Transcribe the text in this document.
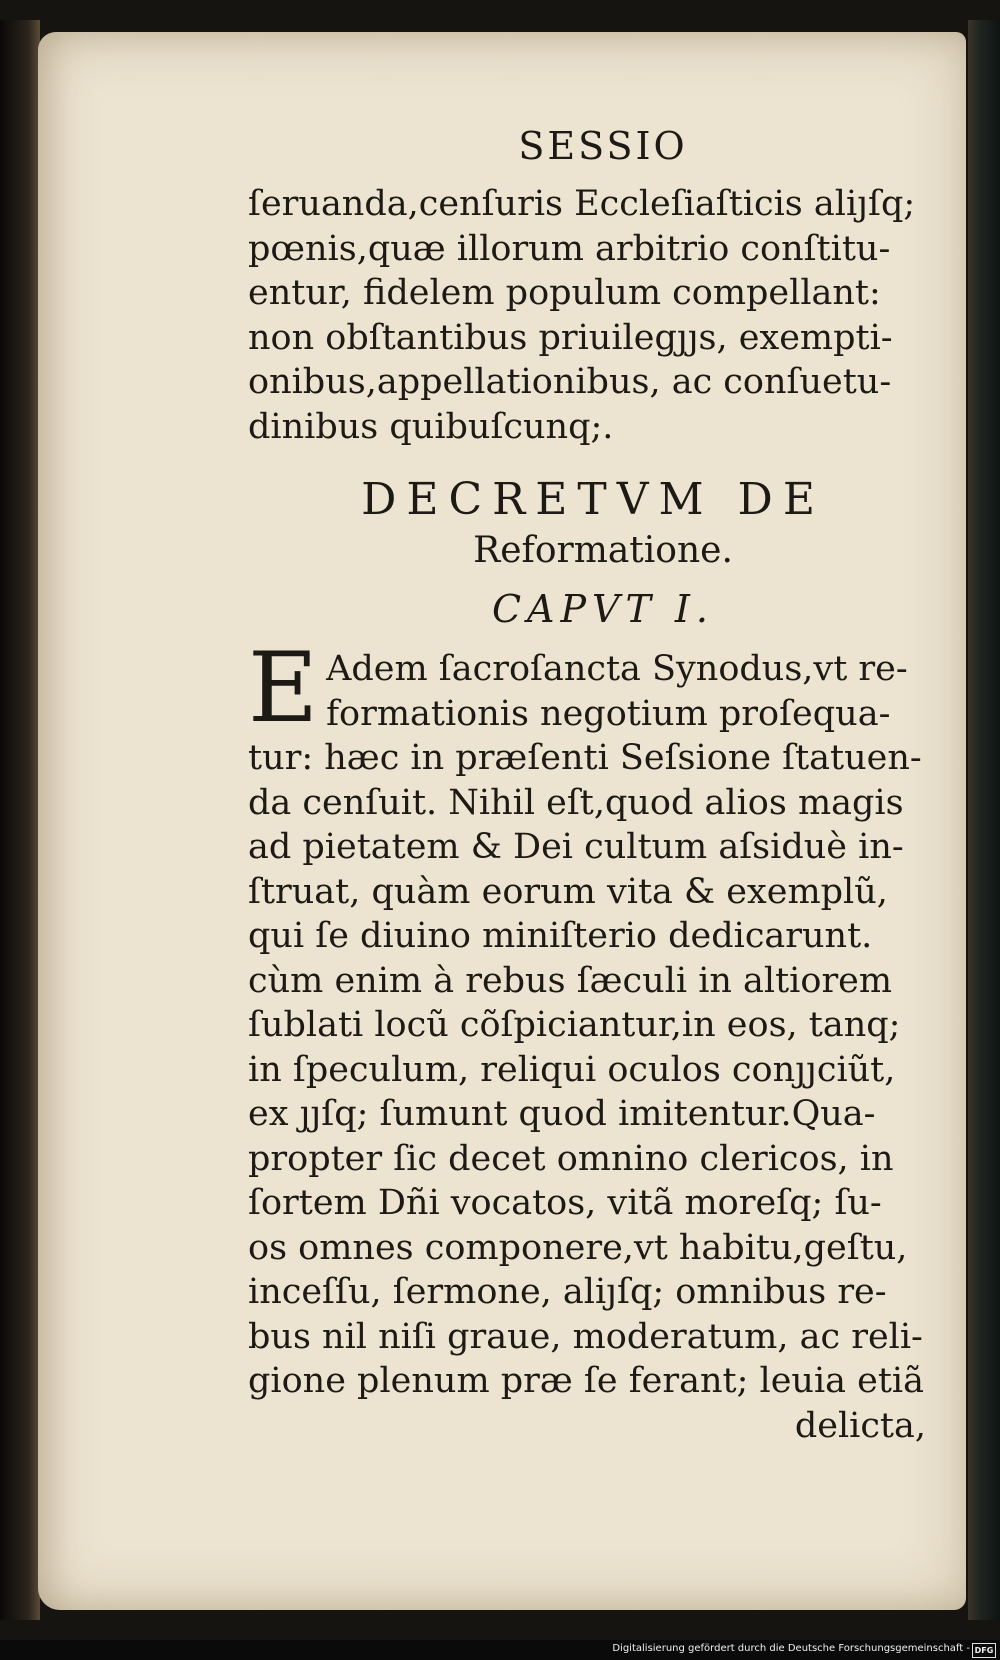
SESSIO

ſeruanda,cenſuris Eccleſiaſticis aliȷſq;

pœnis,quæ illorum arbitrio conſtitu-

entur, fidelem populum compellant:

non obſtantibus priuilegȷȷs, exempti-

onibus,appellationibus, ac conſuetu-

dinibus quibuſcunq;.

DECRETVM DE
Reformatione.
CAPVT I.
E Adem ſacroſancta Synodus,vt re-

formationis negotium proſequa-

tur: hæc in præſenti Seſsione ſtatuen-

da cenſuit. Nihil eſt,quod alios magis

ad pietatem & Dei cultum aſsiduè in-

ſtruat, quàm eorum vita & exemplũ,

qui ſe diuino miniſterio dedicarunt.

cùm enim à rebus ſæculi in altiorem

ſublati locũ cõſpiciantur,in eos, tanq;

in ſpeculum, reliqui oculos conȷȷciũt,

ex ȷȷſq; ſumunt quod imitentur.Qua-

propter ſic decet omnino clericos, in

ſortem Dñi vocatos, vitã moreſq; ſu-

os omnes componere,vt habitu,geſtu,

inceſſu, ſermone, aliȷſq; omnibus re-

bus nil niſi graue, moderatum, ac reli-

gione plenum præ ſe ferant; leuia etiã

delicta,

Digitalisierung gefördert durch die Deutsche Forschungsgemeinschaft - DFG
